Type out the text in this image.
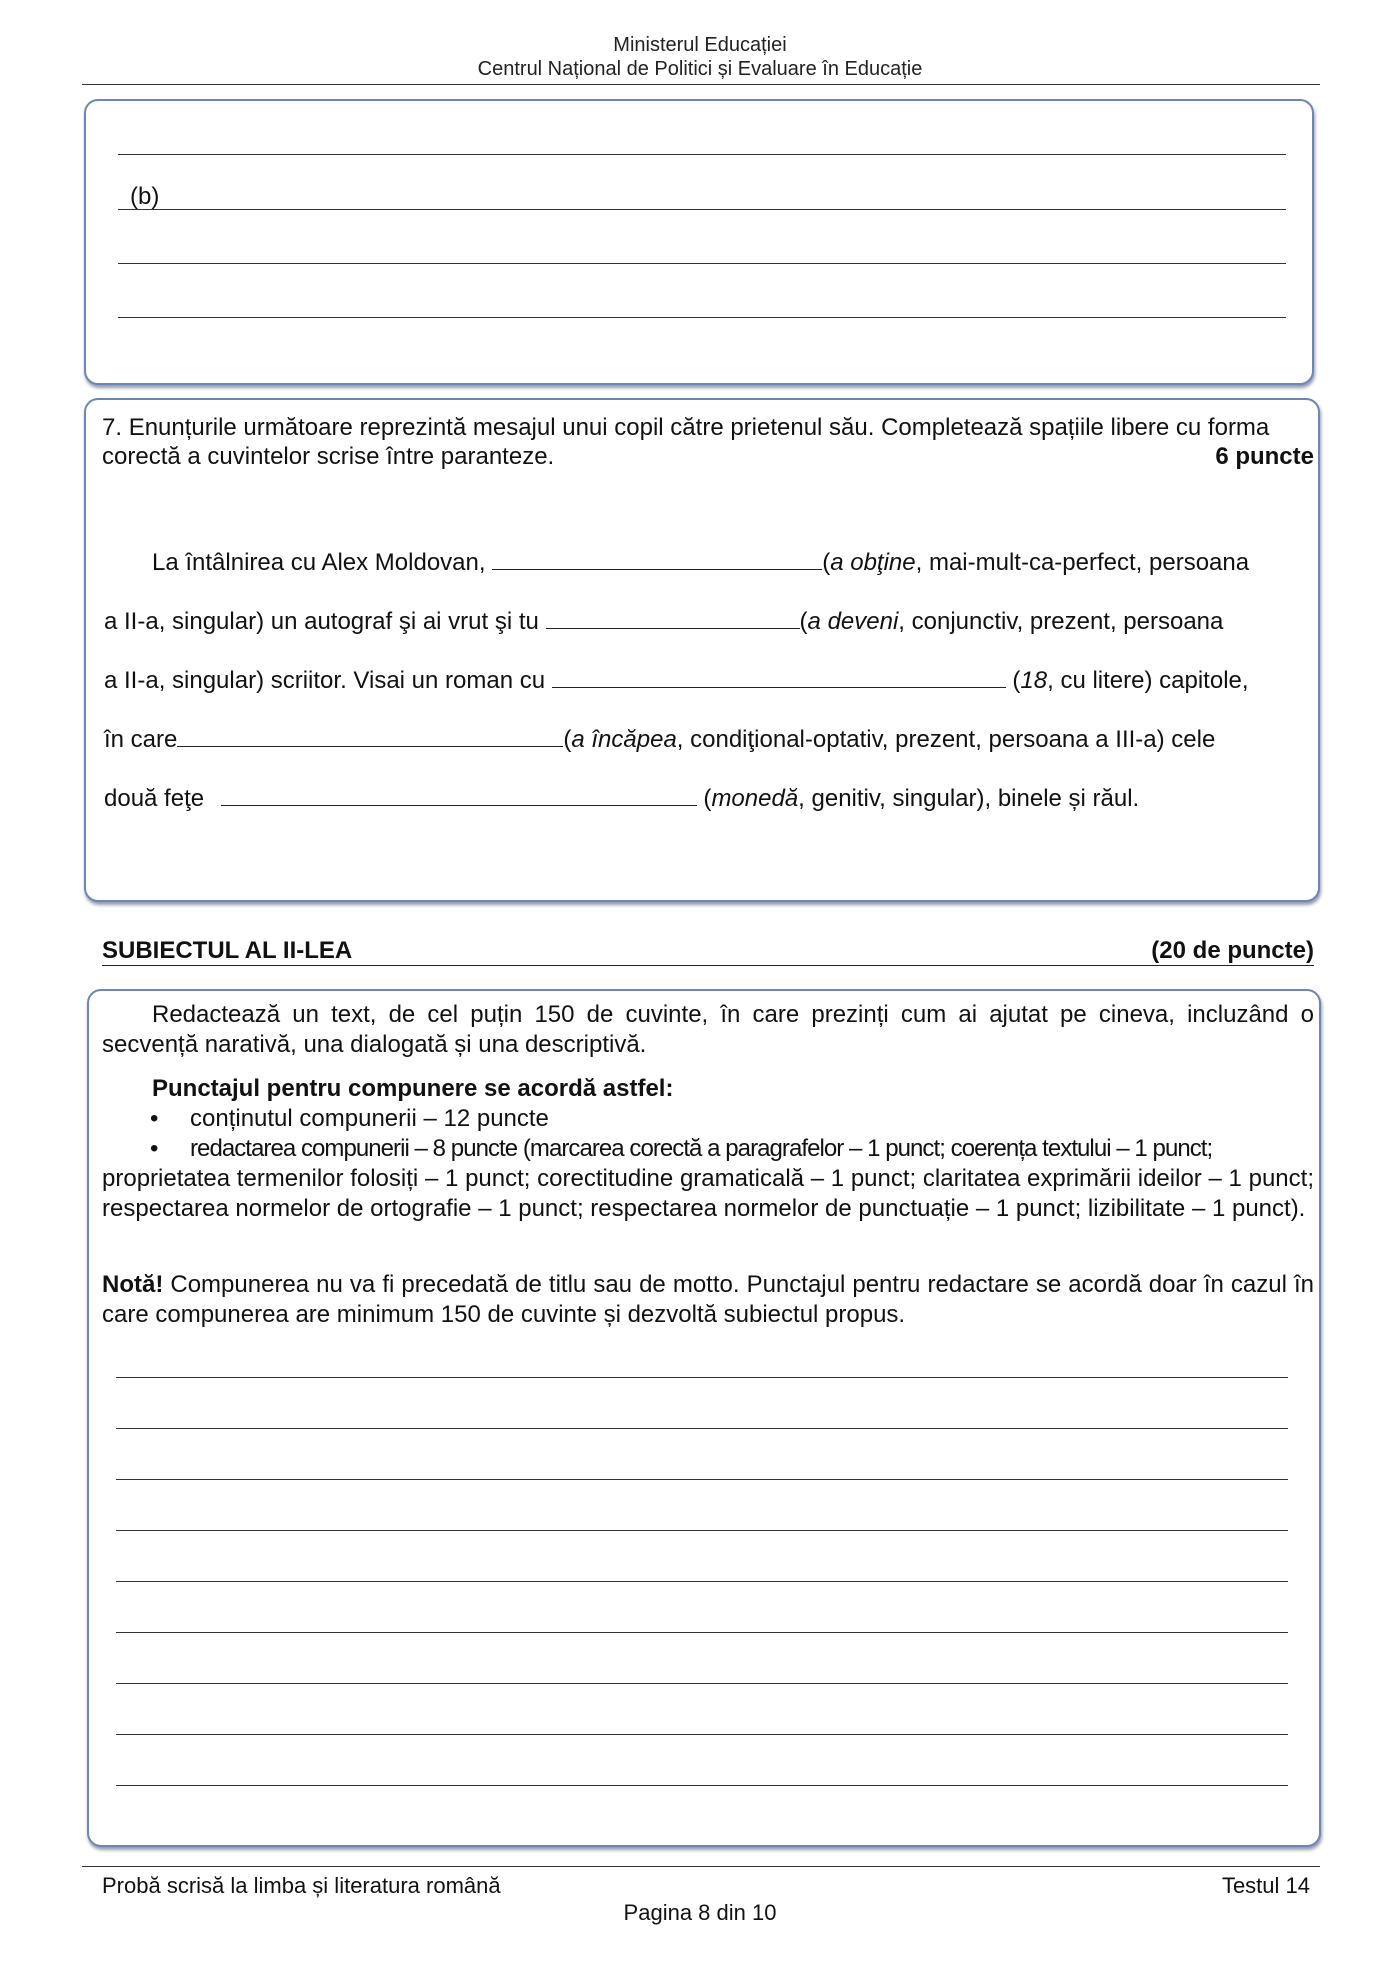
Ministerul Educației
Centrul Național de Politici și Evaluare în Educație
(b)
7. Enunțurile următoare reprezintă mesajul unui copil către prietenul său. Completează spațiile libere cu forma
corectă a cuvintelor scrise între paranteze.	6 puncte
La întâlnirea cu Alex Moldovan,	(a obţine, mai-mult-ca-perfect, persoana
a II-a, singular) un autograf şi ai vrut şi tu	(a deveni, conjunctiv, prezent, persoana
a II-a, singular) scriitor. Visai un roman cu	(18, cu litere) capitole,
în care	(a încăpea, condiţional-optativ, prezent, persoana a III-a) cele
două feţe	(monedă, genitiv, singular), binele și răul.
SUBIECTUL AL II-LEA	(20 de puncte)
Redactează un text, de cel puțin 150 de cuvinte, în care prezinți cum ai ajutat pe cineva, incluzând o secvență narativă, una dialogată și una descriptivă.
Punctajul pentru compunere se acordă astfel:
• conținutul compunerii – 12 puncte
• redactarea compunerii – 8 puncte (marcarea corectă a paragrafelor – 1 punct; coerența textului – 1 punct;
proprietatea termenilor folosiți – 1 punct; corectitudine gramaticală – 1 punct; claritatea exprimării ideilor – 1 punct; respectarea normelor de ortografie – 1 punct; respectarea normelor de punctuație – 1 punct; lizibilitate – 1 punct).
Notă! Compunerea nu va fi precedată de titlu sau de motto. Punctajul pentru redactare se acordă doar în cazul în care compunerea are minimum 150 de cuvinte și dezvoltă subiectul propus.
Probă scrisă la limba și literatura română	Testul 14
Pagina 8 din 10
